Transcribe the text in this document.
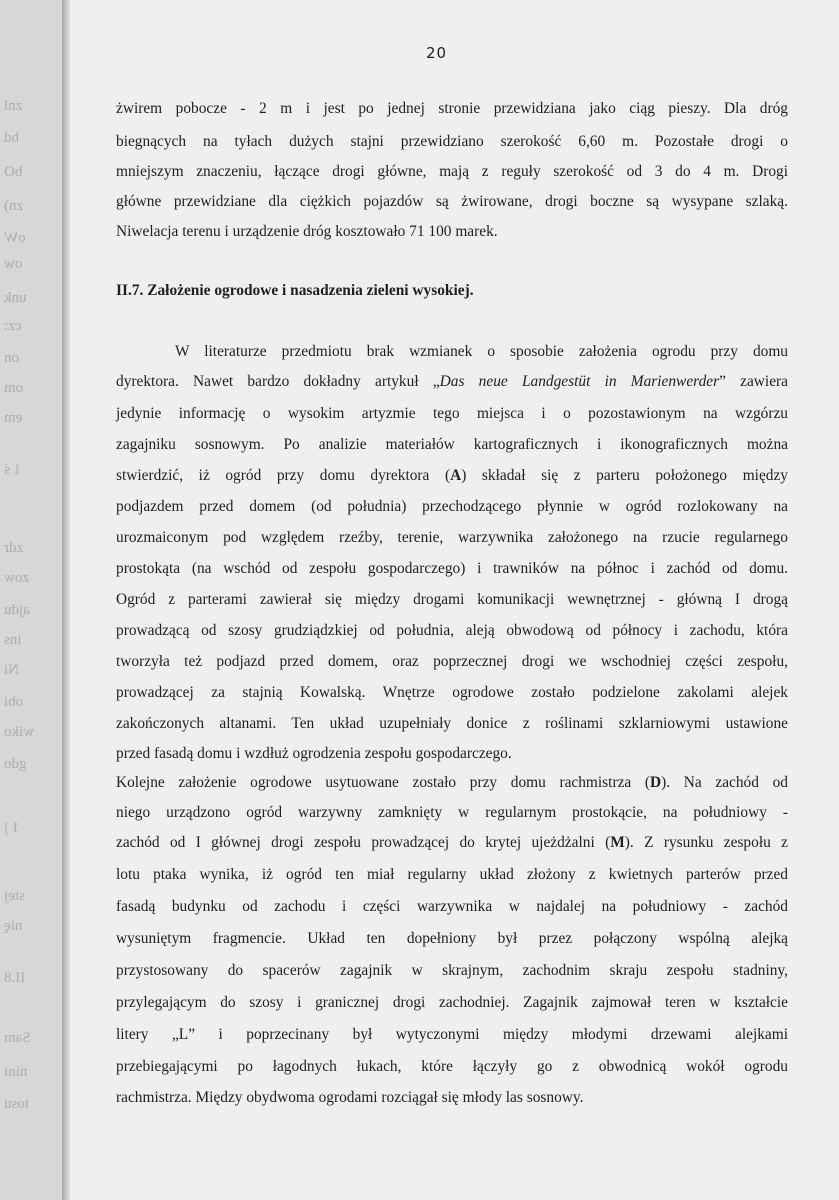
znl
bd
bO
zn)
oW
ow
unk
cz:
on
om
em
1 ś
zdr
zow
ajdu
ins
Ni
obi
wiko
gdo
1 j
stej
nię
II.8
Sam
nini
tosu
20
żwirem pobocze - 2 m i jest po jednej stronie przewidziana jako ciąg pieszy. Dla dróg
biegnących na tyłach dużych stajni przewidziano szerokość 6,60 m. Pozostałe drogi o
mniejszym znaczeniu, łączące drogi główne, mają z reguły szerokość od 3 do 4 m. Drogi
główne przewidziane dla ciężkich pojazdów są żwirowane, drogi boczne są wysypane szlaką.
Niwelacja terenu i urządzenie dróg kosztowało 71 100 marek.
II.7. Założenie ogrodowe i nasadzenia zieleni wysokiej.
W literaturze przedmiotu brak wzmianek o sposobie założenia ogrodu przy domu
dyrektora. Nawet bardzo dokładny artykuł „Das neue Landgestüt in Marienwerder” zawiera
jedynie informację o wysokim artyzmie tego miejsca i o pozostawionym na wzgórzu
zagajniku sosnowym. Po analizie materiałów kartograficznych i ikonograficznych można
stwierdzić, iż ogród przy domu dyrektora (A) składał się z parteru położonego między
podjazdem przed domem (od południa) przechodzącego płynnie w ogród rozlokowany na
urozmaiconym pod względem rzeźby, terenie, warzywnika założonego na rzucie regularnego
prostokąta (na wschód od zespołu gospodarczego) i trawników na północ i zachód od domu.
Ogród z parterami zawierał się między drogami komunikacji wewnętrznej - główną I drogą
prowadzącą od szosy grudziądzkiej od południa, aleją obwodową od północy i zachodu, która
tworzyła też podjazd przed domem, oraz poprzecznej drogi we wschodniej części zespołu,
prowadzącej za stajnią Kowalską. Wnętrze ogrodowe zostało podzielone zakolami alejek
zakończonych altanami. Ten układ uzupełniały donice z roślinami szklarniowymi ustawione
przed fasadą domu i wzdłuż ogrodzenia zespołu gospodarczego.
Kolejne założenie ogrodowe usytuowane zostało przy domu rachmistrza (D). Na zachód od
niego urządzono ogród warzywny zamknięty w regularnym prostokącie, na południowy -
zachód od I głównej drogi zespołu prowadzącej do krytej ujeżdżalni (M). Z rysunku zespołu z
lotu ptaka wynika, iż ogród ten miał regularny układ złożony z kwietnych parterów przed
fasadą budynku od zachodu i części warzywnika w najdalej na południowy - zachód
wysuniętym fragmencie. Układ ten dopełniony był przez połączony wspólną alejką
przystosowany do spacerów zagajnik w skrajnym, zachodnim skraju zespołu stadniny,
przylegającym do szosy i granicznej drogi zachodniej. Zagajnik zajmował teren w kształcie
litery „L” i poprzecinany był wytyczonymi między młodymi drzewami alejkami
przebiegającymi po łagodnych łukach, które łączyły go z obwodnicą wokół ogrodu
rachmistrza. Między obydwoma ogrodami rozciągał się młody las sosnowy.
